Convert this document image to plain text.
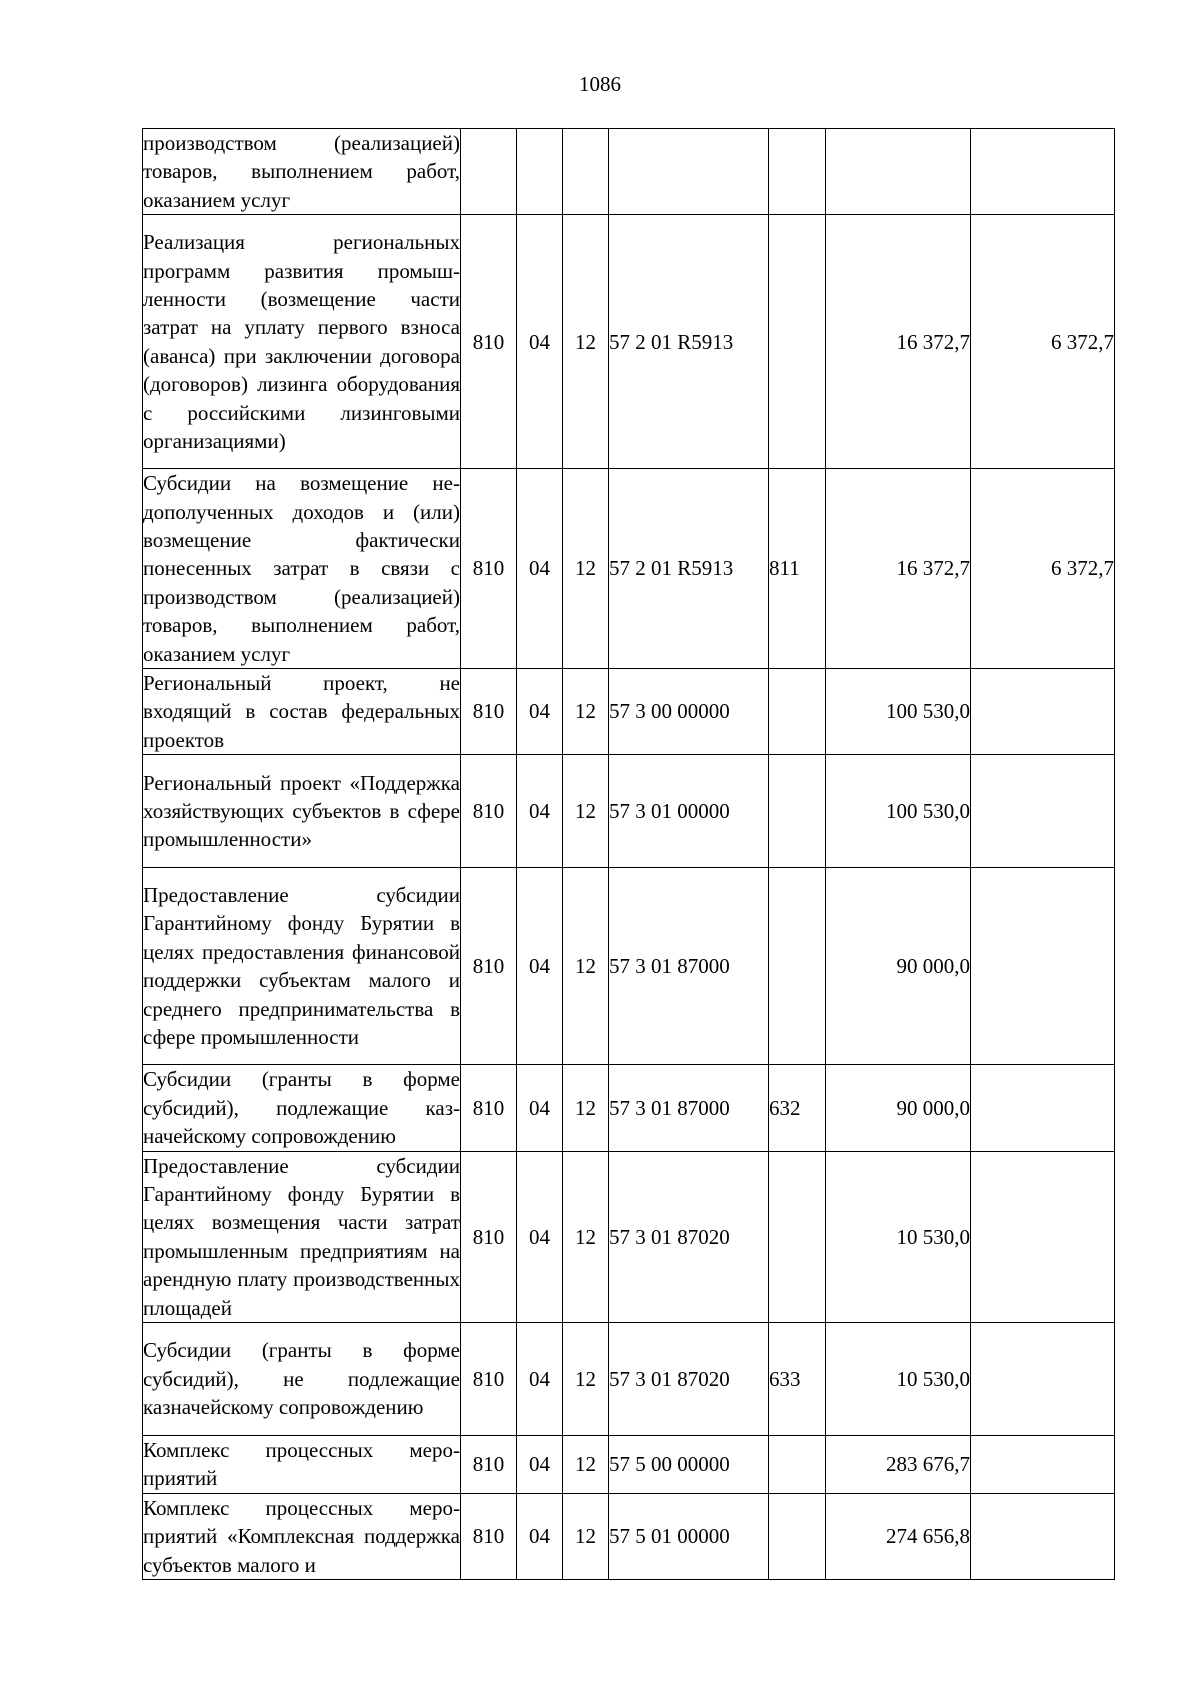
1086
производством (реализацией) товаров, выполнением работ, оказанием услуг							
Реализация региональных программ развития промышленности (возмещение части затрат на уплату первого взноса (аванса) при заключении договора (договоров) лизинга оборудования с российскими лизинговыми организациями)	810	04	12	57 2 01 R5913		16 372,7	6 372,7
Субсидии на возмещение недополученных доходов и (или) возмещение фактически понесенных затрат в связи с производством (реализацией) товаров, выполнением работ, оказанием услуг	810	04	12	57 2 01 R5913	811	16 372,7	6 372,7
Региональный проект, не входящий в состав федеральных проектов	810	04	12	57 3 00 00000		100 530,0	
Региональный проект «Поддержка хозяйствующих субъектов в сфере промышленности»	810	04	12	57 3 01 00000		100 530,0	
Предоставление субсидии Гарантийному фонду Бурятии в целях предоставления финансовой поддержки субъектам малого и среднего предпринимательства в сфере промышленности	810	04	12	57 3 01 87000		90 000,0	
Субсидии (гранты в форме субсидий), подлежащие казначейскому сопровождению	810	04	12	57 3 01 87000	632	90 000,0	
Предоставление субсидии Гарантийному фонду Бурятии в целях возмещения части затрат промышленным предприятиям на арендную плату производственных площадей	810	04	12	57 3 01 87020		10 530,0	
Субсидии (гранты в форме субсидий), не подлежащие казначейскому сопровождению	810	04	12	57 3 01 87020	633	10 530,0	
Комплекс процессных мероприятий	810	04	12	57 5 00 00000		283 676,7	
Комплекс процессных мероприятий «Комплексная поддержка субъектов малого и	810	04	12	57 5 01 00000		274 656,8	
